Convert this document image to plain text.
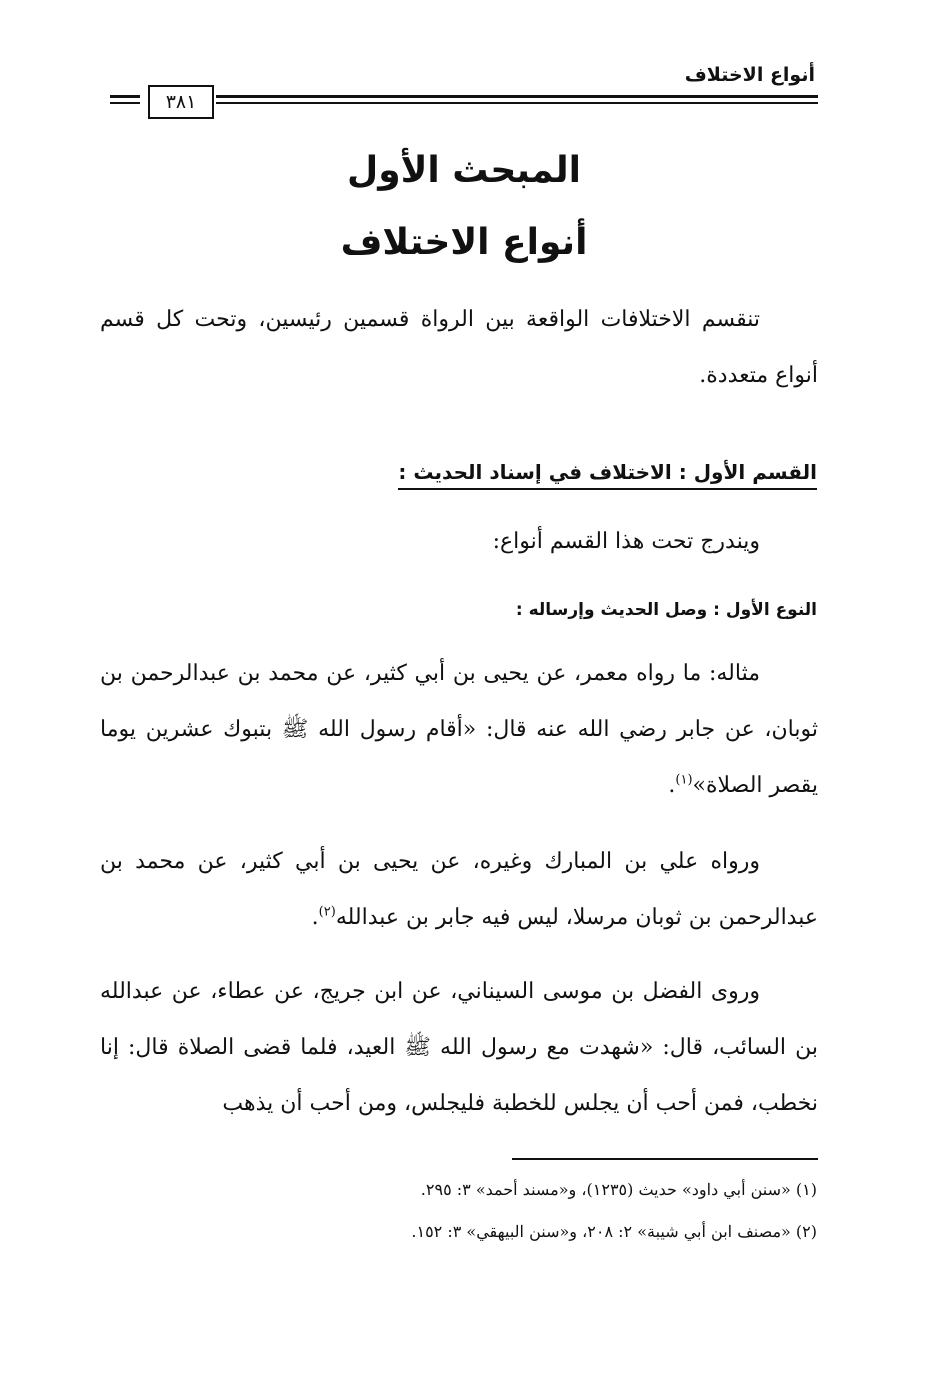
أنواع الاختلاف
٣٨١
المبحث الأول
أنواع الاختلاف
تنقسم الاختلافات الواقعة بين الرواة قسمين رئيسين، وتحت كل قسم أنواع متعددة.
القسم الأول : الاختلاف في إسناد الحديث :
ويندرج تحت هذا القسم أنواع:
النوع الأول : وصل الحديث وإرساله :
مثاله: ما رواه معمر، عن يحيى بن أبي كثير، عن محمد بن عبدالرحمن بن ثوبان، عن جابر رضي الله عنه قال: «أقام رسول الله ﷺ بتبوك عشرين يوما يقصر الصلاة»$^{(١)}$.
ورواه علي بن المبارك وغيره، عن يحيى بن أبي كثير، عن محمد بن عبدالرحمن بن ثوبان مرسلا، ليس فيه جابر بن عبدالله$^{(٢)}$.
وروى الفضل بن موسى السيناني، عن ابن جريج، عن عطاء، عن عبدالله بن السائب، قال: «شهدت مع رسول الله ﷺ العيد، فلما قضى الصلاة قال: إنا نخطب، فمن أحب أن يجلس للخطبة فليجلس، ومن أحب أن يذهب
(١) «سنن أبي داود» حديث (١٢٣٥)، و«مسند أحمد» ٣: ٢٩٥.
(٢) «مصنف ابن أبي شيبة» ٢: ٢٠٨، و«سنن البيهقي» ٣: ١٥٢.
